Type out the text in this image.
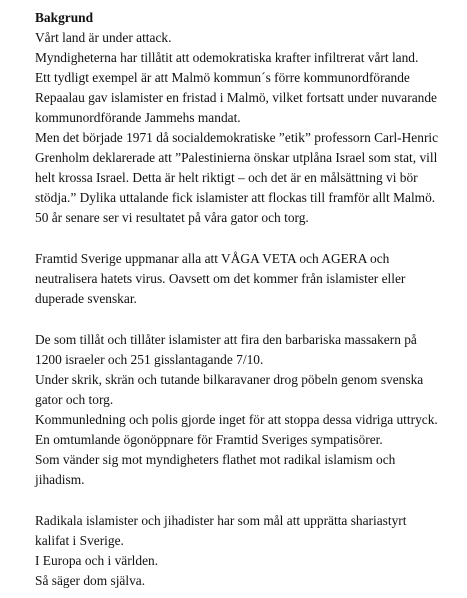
Bakgrund

Vårt land är under attack.

Myndigheterna har tillåtit att odemokratiska krafter infiltrerat vårt land.

Ett tydligt exempel är att Malmö kommun´s förre kommunordförande

Repaalau gav islamister en fristad i Malmö, vilket fortsatt under nuvarande

kommunordförande Jammehs mandat.

Men det började 1971 då socialdemokratiske ”etik” professorn Carl-Henric

Grenholm deklarerade att ”Palestinierna önskar utplåna Israel som stat, vill

helt krossa Israel. Detta är helt riktigt – och det är en målsättning vi bör

stödja.” Dylika uttalande fick islamister att flockas till framför allt Malmö.

50 år senare ser vi resultatet på våra gator och torg.

Framtid Sverige uppmanar alla att VÅGA VETA och AGERA och

neutralisera hatets virus. Oavsett om det kommer från islamister eller

duperade svenskar.

De som tillåt och tillåter islamister att fira den barbariska massakern på

1200 israeler och 251 gisslantagande 7/10.

Under skrik, skrän och tutande bilkaravaner drog pöbeln genom svenska

gator och torg.

Kommunledning och polis gjorde inget för att stoppa dessa vidriga uttryck.

En omtumlande ögonöppnare för Framtid Sveriges sympatisörer.

Som vänder sig mot myndigheters flathet mot radikal islamism och

jihadism.

Radikala islamister och jihadister har som mål att upprätta shariastyrt

kalifat i Sverige.

I Europa och i världen.

Så säger dom själva.
